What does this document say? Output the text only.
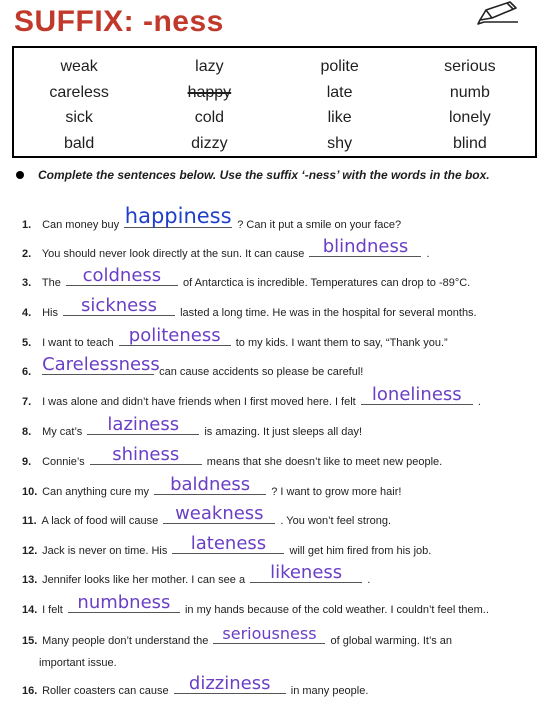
SUFFIX: -ness
weak	lazy	polite	serious
careless	happy	late	numb
sick	cold	like	lonely
bald	dizzy	shy	blind
Complete the sentences below. Use the suffix ‘-ness’ with the words in the box.
1. Can money buy happiness ? Can it put a smile on your face?
2. You should never look directly at the sun. It can cause	blindness	.
3. The	coldness	of Antarctica is incredible. Temperatures can drop to -89°C.
4. His	sickness	lasted a long time. He was in the hospital for several months.
5. I want to teach politeness	to my kids. I want them to say, “Thank you.”
6. Carelessness can cause accidents so please be careful!
7. I was alone and didn’t have friends when I first moved here. I felt loneliness	.
8. My cat’s	laziness	is amazing. It just sleeps all day!
9. Connie’s	shiness	means that she doesn’t like to meet new people.
10. Can anything cure my	baldness	? I want to grow more hair!
11. A lack of food will cause weakness	. You won’t feel strong.
12. Jack is never on time. His	lateness	will get him fired from his job.
13. Jennifer looks like her mother. I can see a	likeness	.
14. I felt numbness	in my hands because of the cold weather. I couldn’t feel them..
15. Many people don’t understand the seriousness	of global warming. It’s an
important issue.
16. Roller coasters can cause	dizziness	in many people.
